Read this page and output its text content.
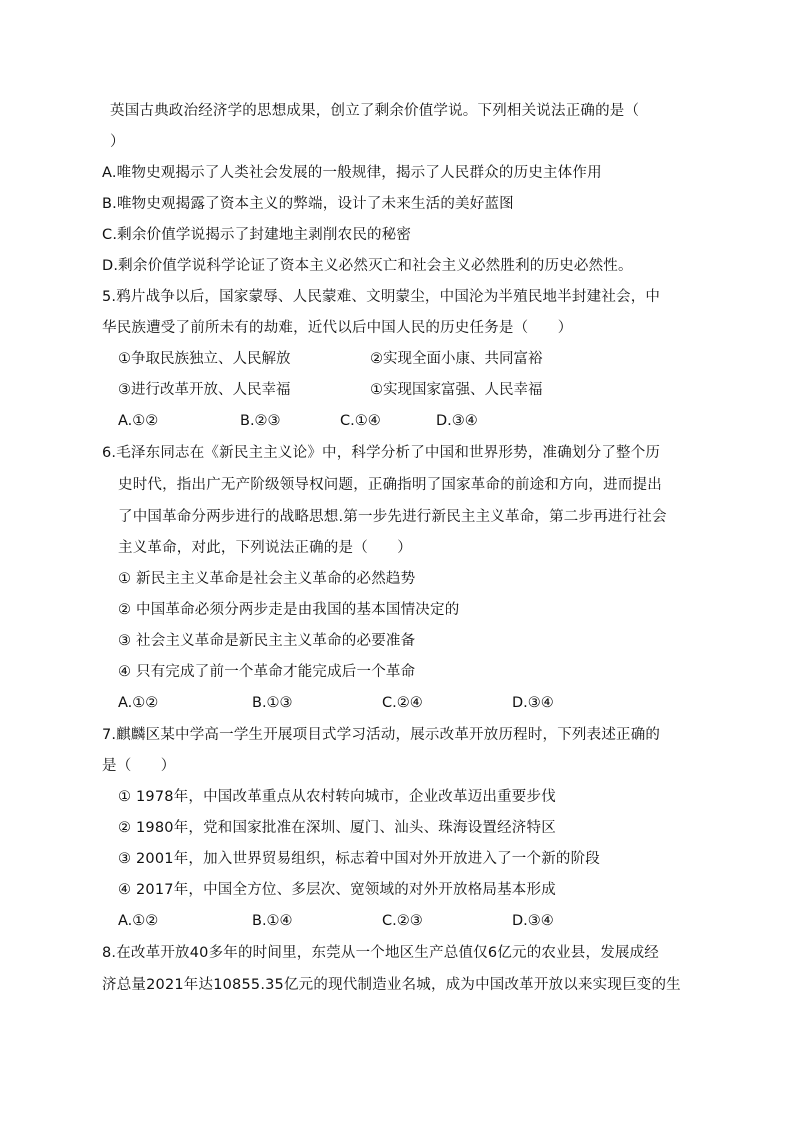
英国古典政治经济学的思想成果，创立了剩余价值学说。下列相关说法正确的是（
）
A.唯物史观揭示了人类社会发展的一般规律，揭示了人民群众的历史主体作用
B.唯物史观揭露了资本主义的弊端，设计了未来生活的美好蓝图
C.剩余价值学说揭示了封建地主剥削农民的秘密
D.剩余价值学说科学论证了资本主义必然灭亡和社会主义必然胜利的历史必然性。
5.鸦片战争以后，国家蒙辱、人民蒙难、文明蒙尘，中国沦为半殖民地半封建社会，中
华民族遭受了前所未有的劫难，近代以后中国人民的历史任务是（　　）
①争取民族独立、人民解放	②实现全面小康、共同富裕
③进行改革开放、人民幸福	①实现国家富强、人民幸福
A.①②	B.②③	C.①④	D.③④
6.毛泽东同志在《新民主主义论》中，科学分析了中国和世界形势，准确划分了整个历
史时代，指出广无产阶级领导权问题，正确指明了国家革命的前途和方向，进而提出
了中国革命分两步进行的战略思想.第一步先进行新民主主义革命，第二步再进行社会
主义革命，对此，下列说法正确的是（　　）
① 新民主主义革命是社会主义革命的必然趋势
② 中国革命必须分两步走是由我国的基本国情决定的
③ 社会主义革命是新民主主义革命的必要准备
④ 只有完成了前一个革命才能完成后一个革命
A.①②	B.①③	C.②④	D.③④
7.麒麟区某中学高一学生开展项目式学习活动，展示改革开放历程时，下列表述正确的
是（　　）
① 1978年，中国改革重点从农村转向城市，企业改革迈出重要步伐
② 1980年，党和国家批准在深圳、厦门、汕头、珠海设置经济特区
③ 2001年，加入世界贸易组织，标志着中国对外开放进入了一个新的阶段
④ 2017年，中国全方位、多层次、宽领域的对外开放格局基本形成
A.①②	B.①④	C.②③	D.③④
8.在改革开放40多年的时间里，东莞从一个地区生产总值仅6亿元的农业县，发展成经
济总量2021年达10855.35亿元的现代制造业名城，成为中国改革开放以来实现巨变的生
